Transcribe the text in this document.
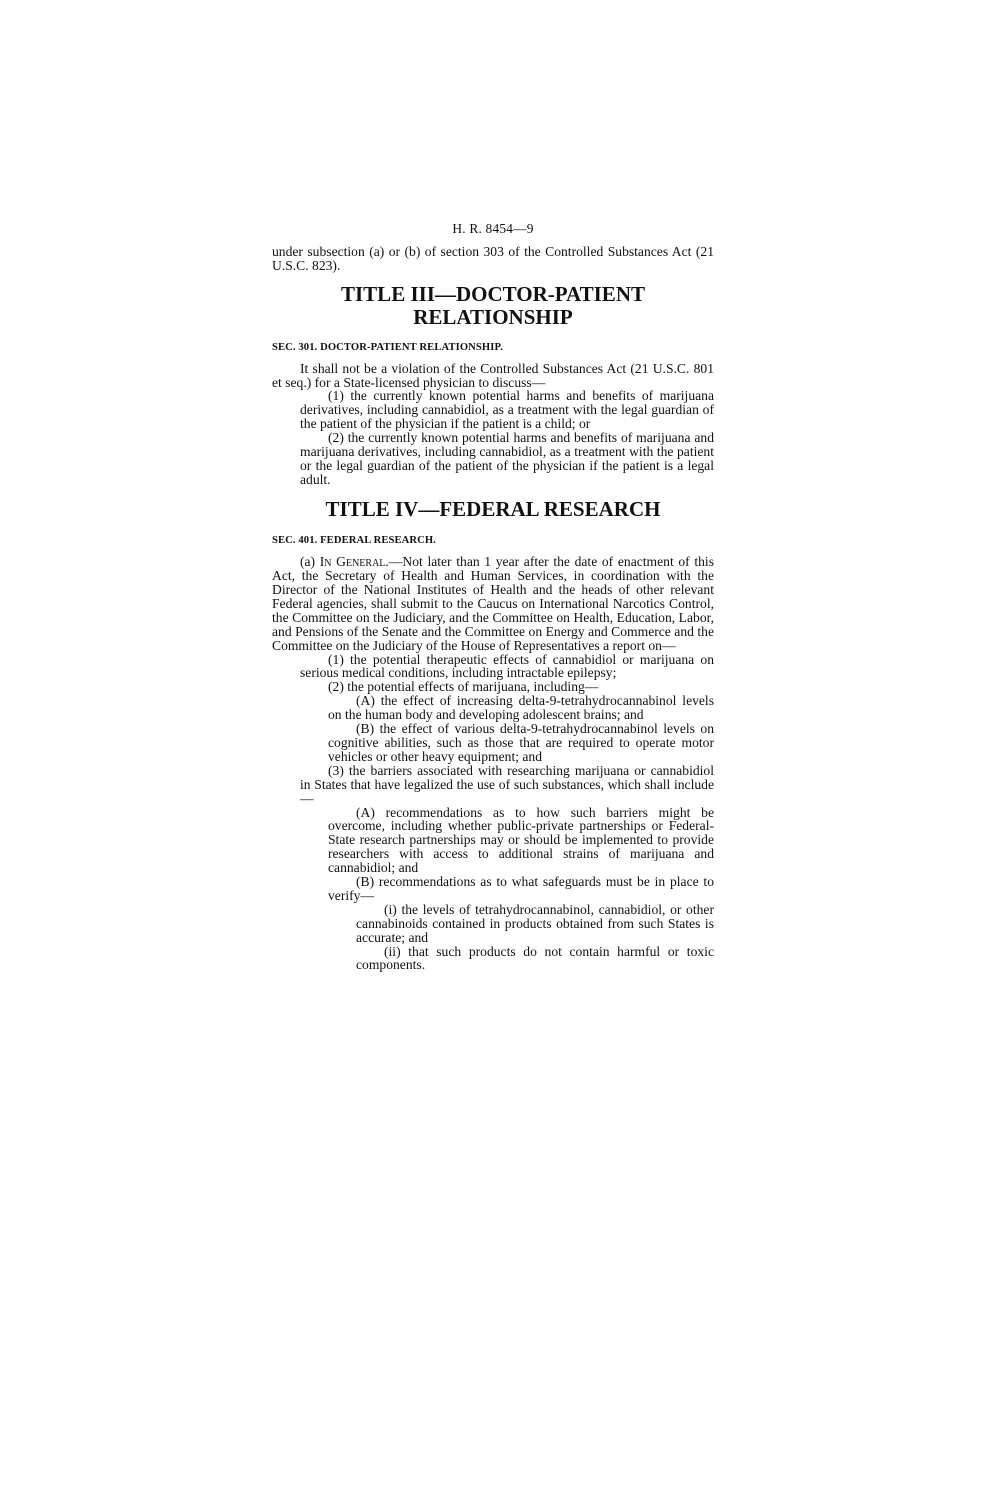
H. R. 8454—9

under subsection (a) or (b) of section 303 of the Controlled Substances Act (21 U.S.C. 823).

TITLE III—DOCTOR-PATIENT
RELATIONSHIP
SEC. 301. DOCTOR-PATIENT RELATIONSHIP.

It shall not be a violation of the Controlled Substances Act (21 U.S.C. 801 et seq.) for a State-licensed physician to discuss—

(1) the currently known potential harms and benefits of marijuana derivatives, including cannabidiol, as a treatment with the legal guardian of the patient of the physician if the patient is a child; or

(2) the currently known potential harms and benefits of marijuana and marijuana derivatives, including cannabidiol, as a treatment with the patient or the legal guardian of the patient of the physician if the patient is a legal adult.

TITLE IV—FEDERAL RESEARCH
SEC. 401. FEDERAL RESEARCH.

(a) In General.—Not later than 1 year after the date of enactment of this Act, the Secretary of Health and Human Services, in coordination with the Director of the National Institutes of Health and the heads of other relevant Federal agencies, shall submit to the Caucus on International Narcotics Control, the Committee on the Judiciary, and the Committee on Health, Education, Labor, and Pensions of the Senate and the Committee on Energy and Commerce and the Committee on the Judiciary of the House of Representatives a report on—

(1) the potential therapeutic effects of cannabidiol or marijuana on serious medical conditions, including intractable epilepsy;

(2) the potential effects of marijuana, including—

(A) the effect of increasing delta-9-tetrahydrocannabinol levels on the human body and developing adolescent brains; and

(B) the effect of various delta-9-tetrahydrocannabinol levels on cognitive abilities, such as those that are required to operate motor vehicles or other heavy equipment; and

(3) the barriers associated with researching marijuana or cannabidiol in States that have legalized the use of such substances, which shall include—

(A) recommendations as to how such barriers might be overcome, including whether public-private partnerships or Federal-State research partnerships may or should be implemented to provide researchers with access to additional strains of marijuana and cannabidiol; and

(B) recommendations as to what safeguards must be in place to verify—

(i) the levels of tetrahydrocannabinol, cannabidiol, or other cannabinoids contained in products obtained from such States is accurate; and

(ii) that such products do not contain harmful or toxic components.
